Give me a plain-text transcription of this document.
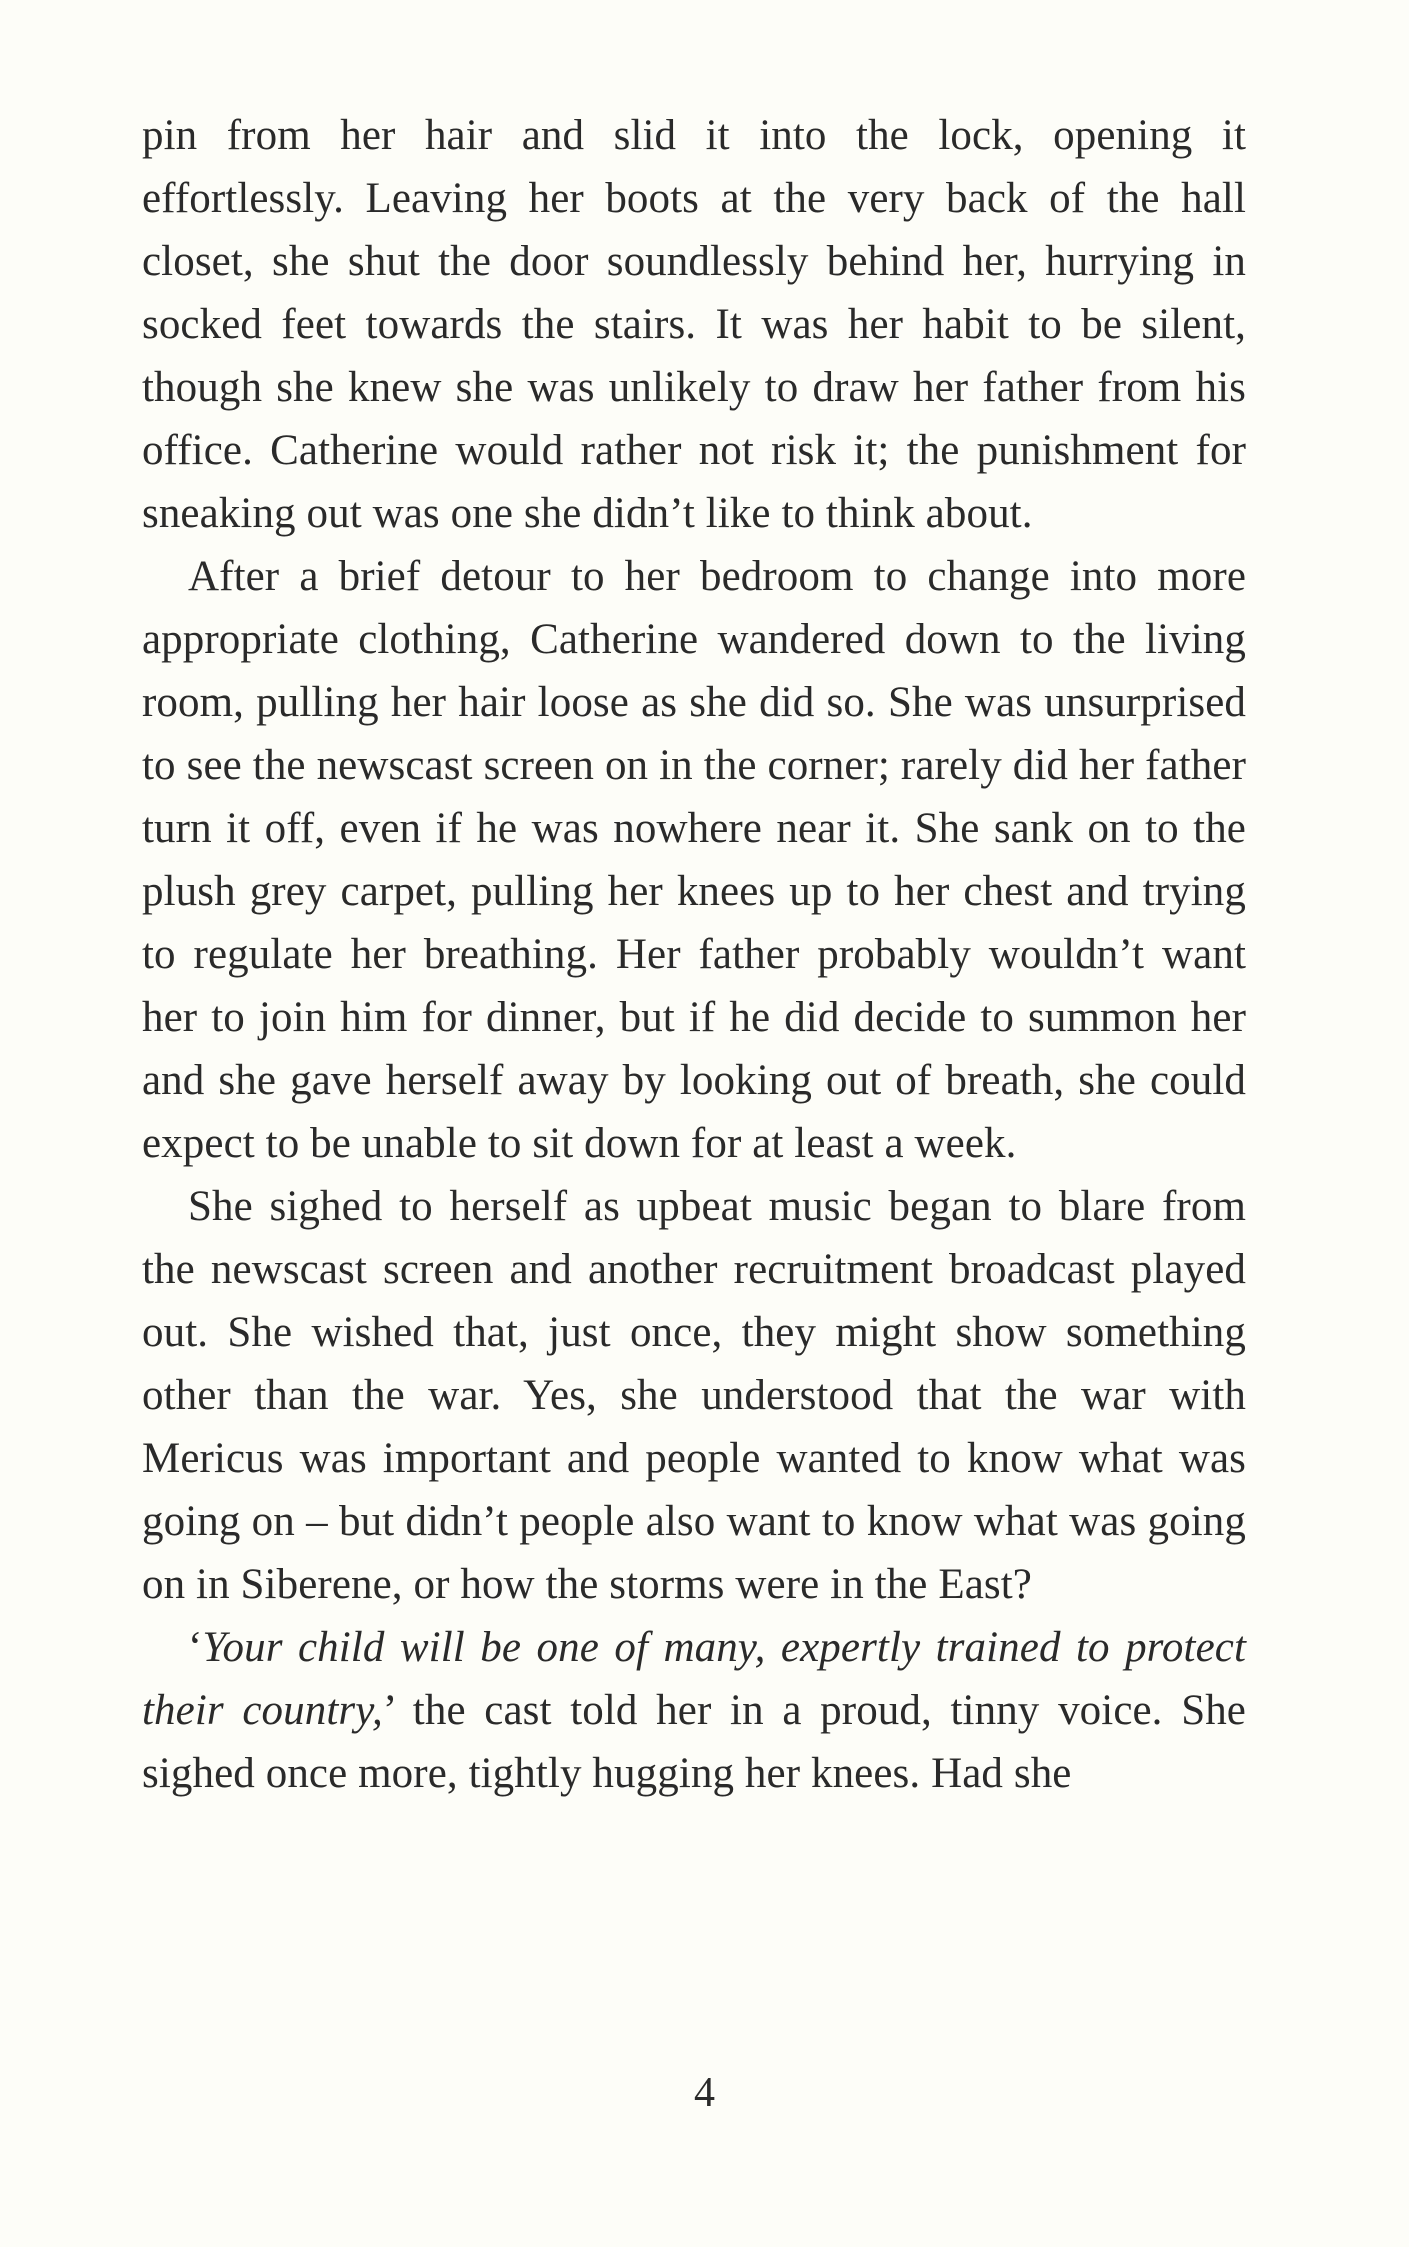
pin from her hair and slid it into the lock, opening it effortlessly. Leaving her boots at the very back of the hall closet, she shut the door soundlessly behind her, hurrying in socked feet towards the stairs. It was her habit to be silent, though she knew she was unlikely to draw her father from his office. Catherine would rather not risk it; the punishment for sneaking out was one she didn’t like to think about.

After a brief detour to her bedroom to change into more appropriate clothing, Catherine wandered down to the living room, pulling her hair loose as she did so. She was unsurprised to see the newscast screen on in the corner; rarely did her father turn it off, even if he was nowhere near it. She sank on to the plush grey carpet, pulling her knees up to her chest and trying to regulate her breathing. Her father probably wouldn’t want her to join him for dinner, but if he did decide to summon her and she gave herself away by looking out of breath, she could expect to be unable to sit down for at least a week.

She sighed to herself as upbeat music began to blare from the newscast screen and another recruitment broadcast played out. She wished that, just once, they might show something other than the war. Yes, she understood that the war with Mericus was important and people wanted to know what was going on – but didn’t people also want to know what was going on in Siberene, or how the storms were in the East?

‘Your child will be one of many, expertly trained to protect their country,’ the cast told her in a proud, tinny voice. She sighed once more, tightly hugging her knees. Had she

4
